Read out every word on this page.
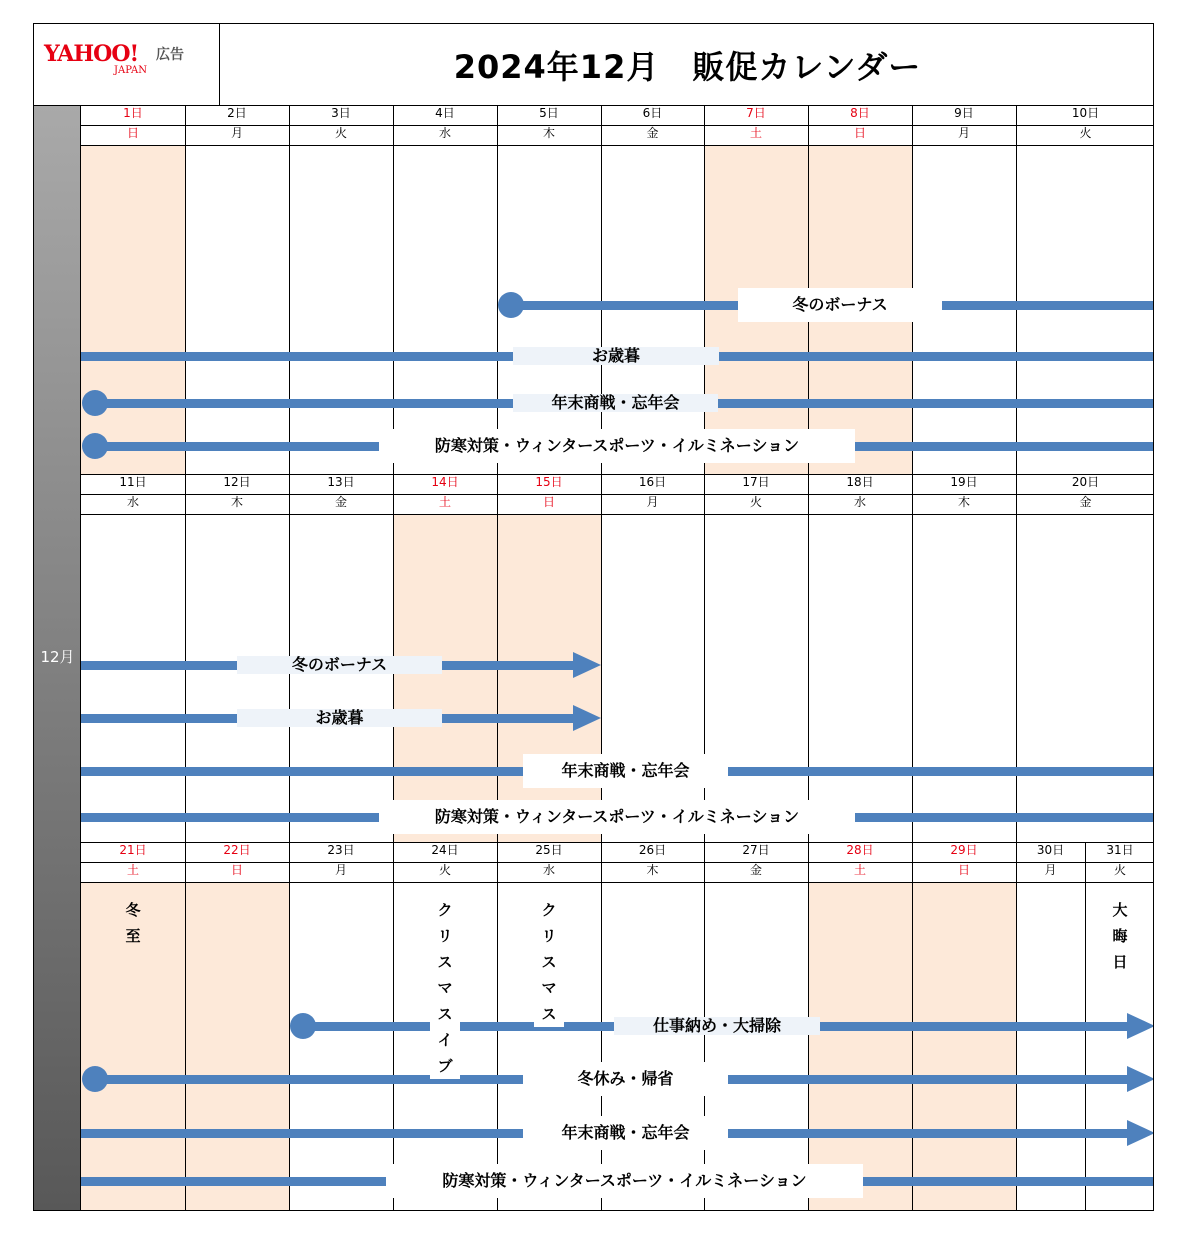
1日
日
2日
月
3日
火
4日
水
5日
木
6日
金
7日
土
8日
日
9日
月
10日
火
冬のボーナス
お歳暮
年末商戦・忘年会
防寒対策・ウィンタースポーツ・イルミネーション
11日
水
12日
木
13日
金
14日
土
15日
日
16日
月
17日
火
18日
水
19日
木
20日
金
冬のボーナス
お歳暮
年末商戦・忘年会
防寒対策・ウィンタースポーツ・イルミネーション
21日
土
22日
日
23日
月
24日
火
25日
水
26日
木
27日
金
28日
土
29日
日
30日
月
31日
火
仕事納め・大掃除
冬休み・帰省
年末商戦・忘年会
防寒対策・ウィンタースポーツ・イルミネーション
冬
至
ク
リ
ス
マ
ス
イ
ブ
ク
リ
ス
マ
ス
大
晦
日
12月
YAHOO!
JAPAN
広告	2024年12月　販促カレンダー
